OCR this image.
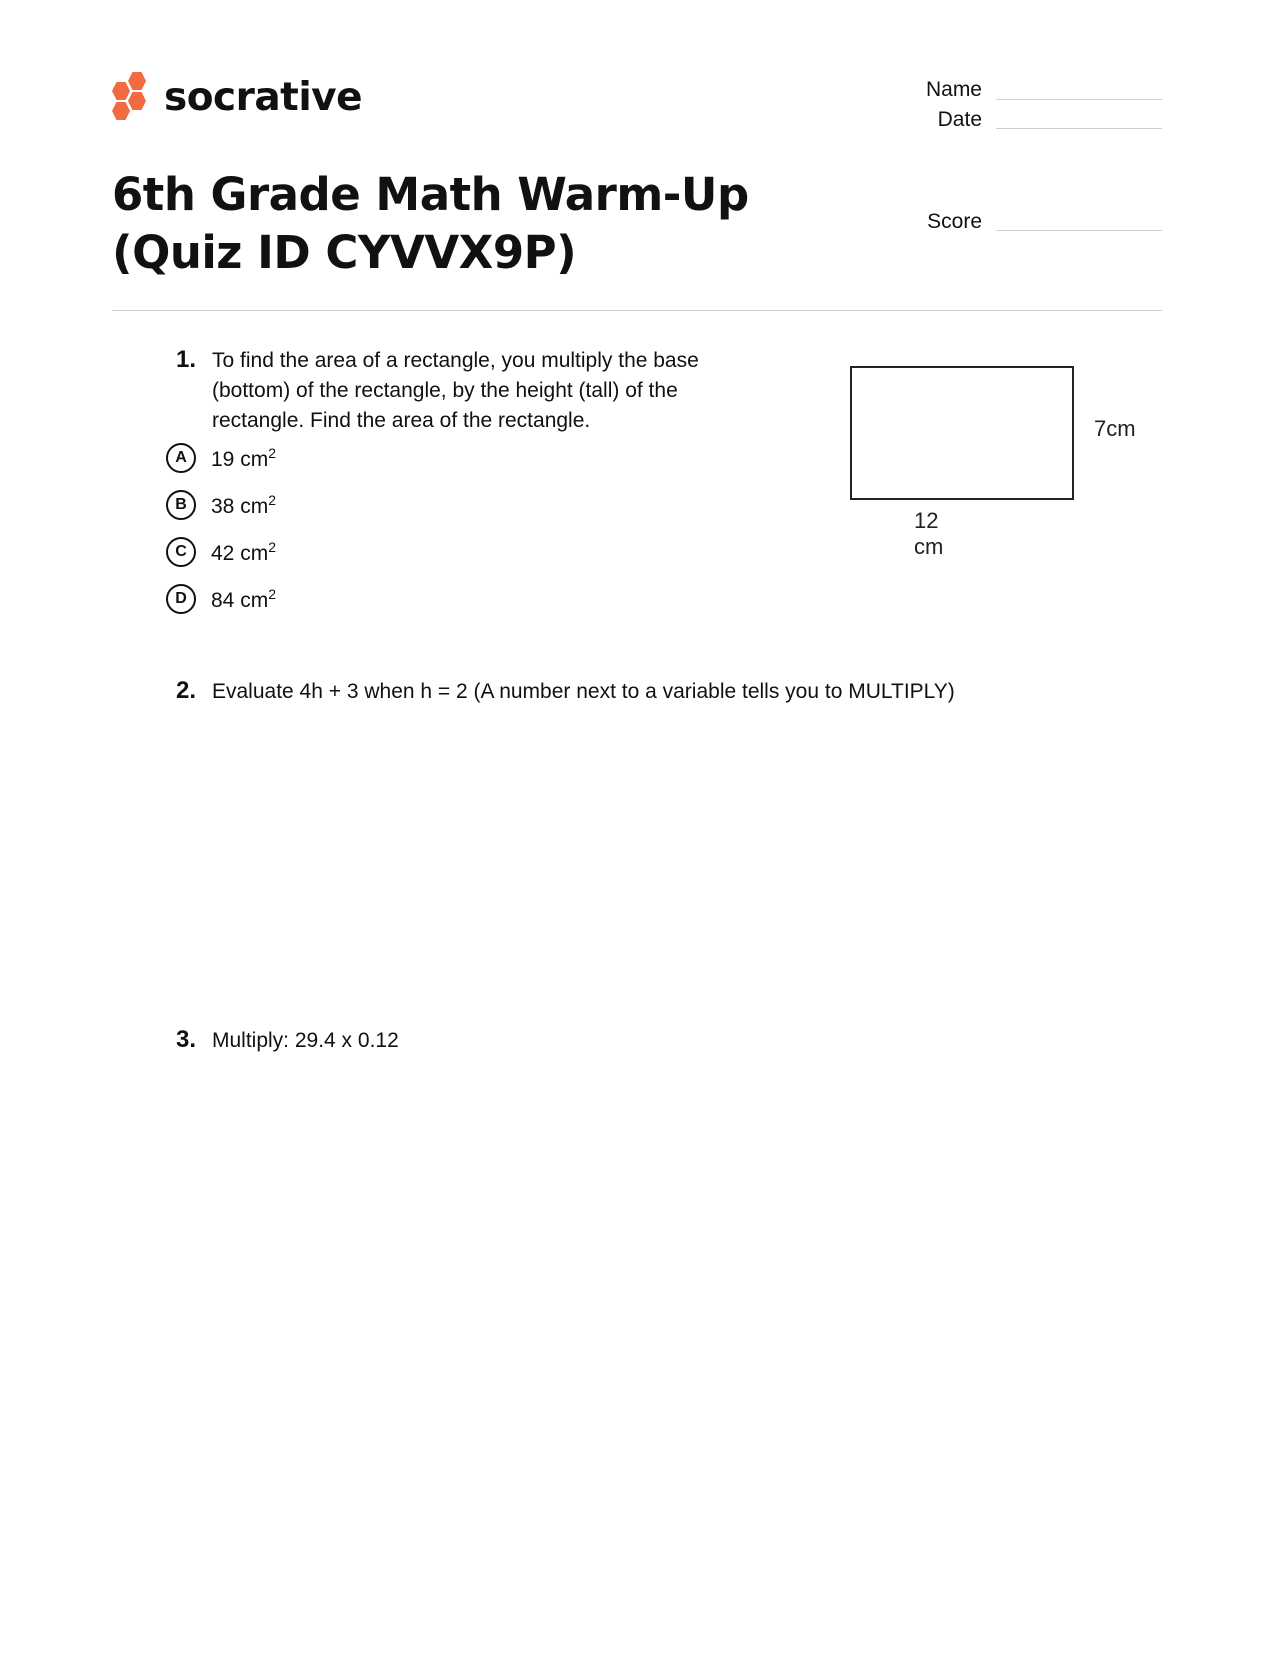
socrative	Name
Date
Score
6th Grade Math Warm-Up (Quiz ID CYVVX9P)
1. To find the area of a rectangle, you multiply the base (bottom) of the rectangle, by the height (tall) of the rectangle. Find the area of the rectangle.

A	19 $cm^2$
B	38 $cm^2$
C	42 $cm^2$
D	84 $cm^2$
7cm
12 cm
2. Evaluate 4h + 3 when h = 2 (A number next to a variable tells you to MULTIPLY)

3. Multiply: 29.4 x 0.12
